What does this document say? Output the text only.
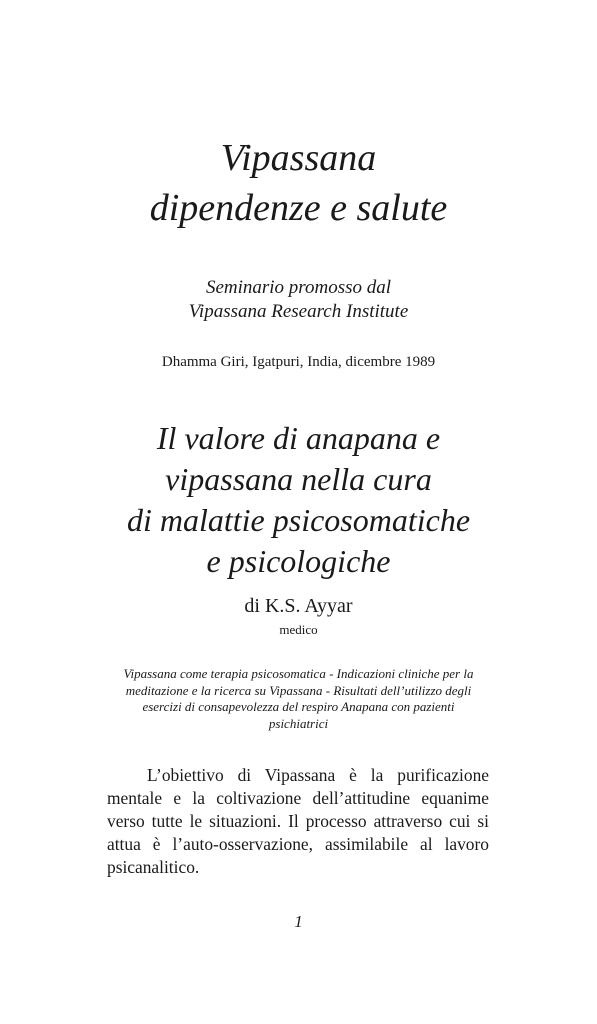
Vipassana
dipendenze e salute
Seminario promosso dal
Vipassana Research Institute
Dhamma Giri, Igatpuri, India, dicembre 1989
Il valore di anapana e
vipassana nella cura
di malattie psicosomatiche
e psicologiche
di K.S. Ayyar
medico
Vipassana come terapia psicosomatica - Indicazioni cliniche per la meditazione e la ricerca su Vipassana - Risultati dell’utilizzo degli esercizi di consapevolezza del respiro Anapana con pazienti psichiatrici

L’obiettivo di Vipassana è la purificazione mentale e la coltivazione dell’attitudine equanime verso tutte le situazioni. Il processo attraverso cui si attua è l’auto-osservazione, assimilabile al lavoro psicanalitico.

1
